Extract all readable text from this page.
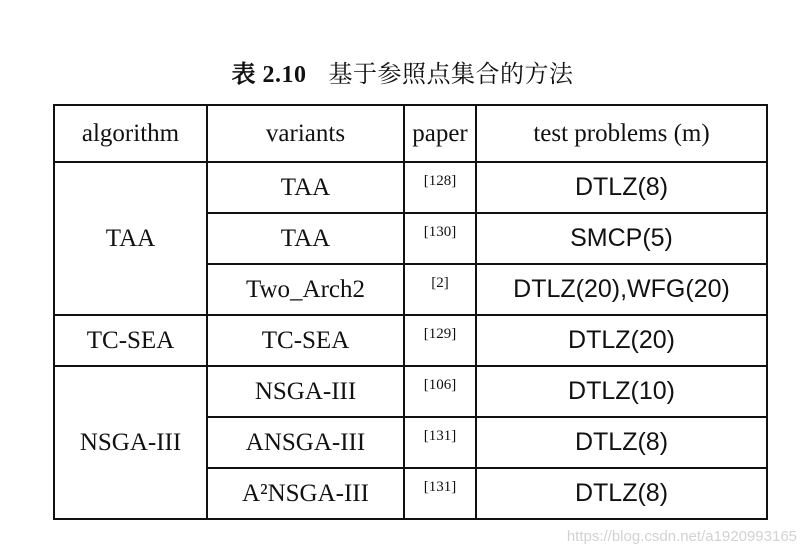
表 2.10 基于参照点集合的方法
algorithm	variants	paper	test problems (m)
TAA	TAA	[128]	DTLZ(8)
	TAA	[130]	SMCP(5)
	Two_Arch2	[2]	DTLZ(20),WFG(20)
TC-SEA	TC-SEA	[129]	DTLZ(20)
NSGA-III	NSGA-III	[106]	DTLZ(10)
	ANSGA-III	[131]	DTLZ(8)
	A²NSGA-III	[131]	DTLZ(8)
https://blog.csdn.net/a1920993165
